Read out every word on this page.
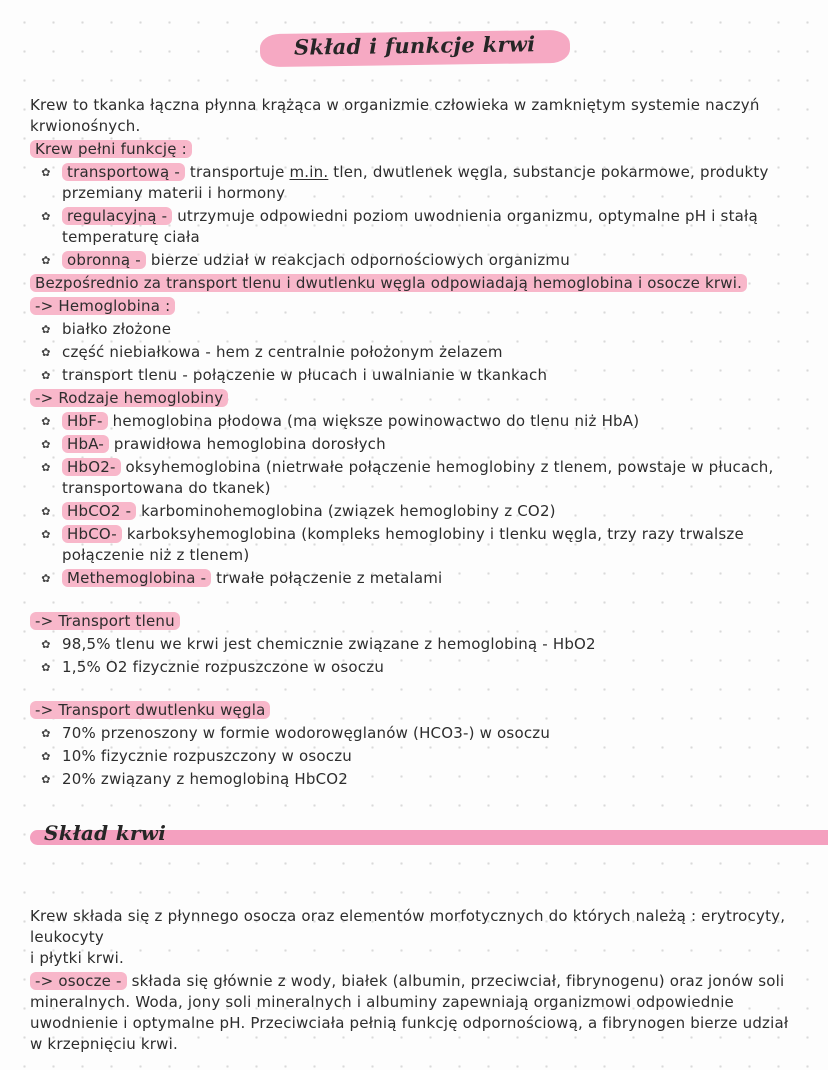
Skład i funkcje krwi

Krew to tkanka łączna płynna krążąca w organizmie człowieka w zamkniętym systemie naczyń krwionośnych.

Krew pełni funkcję :

✿	transportową - transportuje m.in. tlen, dwutlenek węgla, substancje pokarmowe, produkty przemiany materii i hormony
✿	regulacyjną - utrzymuje odpowiedni poziom uwodnienia organizmu, optymalne pH i stałą temperaturę ciała
✿	obronną - bierze udział w reakcjach odpornościowych organizmu

Bezpośrednio za transport tlenu i dwutlenku węgla odpowiadają hemoglobina i osocze krwi.

-> Hemoglobina :

✿ białko złożone
✿ część niebiałkowa - hem z centralnie położonym żelazem
✿ transport tlenu - połączenie w płucach i uwalnianie w tkankach

-> Rodzaje hemoglobiny

✿	HbF- hemoglobina płodowa (ma większe powinowactwo do tlenu niż HbA)
✿	HbA- prawidłowa hemoglobina dorosłych
✿	HbO2- oksyhemoglobina (nietrwałe połączenie hemoglobiny z tlenem, powstaje w płucach, transportowana do tkanek)
✿	HbCO2 - karbominohemoglobina (związek hemoglobiny z CO2)
✿	HbCO- karboksyhemoglobina (kompleks hemoglobiny i tlenku węgla, trzy razy trwalsze połączenie niż z tlenem)
✿	Methemoglobina - trwałe połączenie z metalami

-> Transport tlenu

✿ 98,5% tlenu we krwi jest chemicznie związane z hemoglobiną - HbO2
✿ 1,5% O2 fizycznie rozpuszczone w osoczu

-> Transport dwutlenku węgla

✿ 70% przenoszony w formie wodorowęglanów (HCO3-) w osoczu
✿ 10% fizycznie rozpuszczony w osoczu
✿ 20% związany z hemoglobiną HbCO2
Skład krwi

Krew składa się z płynnego osocza oraz elementów morfotycznych do których należą : erytrocyty, leukocyty
i płytki krwi.

-> osocze - składa się głównie z wody, białek (albumin, przeciwciał, fibrynogenu) oraz jonów soli mineralnych. Woda, jony soli mineralnych i albuminy zapewniają organizmowi odpowiednie uwodnienie i optymalne pH. Przeciwciała pełnią funkcję odpornościową, a fibrynogen bierze udział w krzepnięciu krwi.
